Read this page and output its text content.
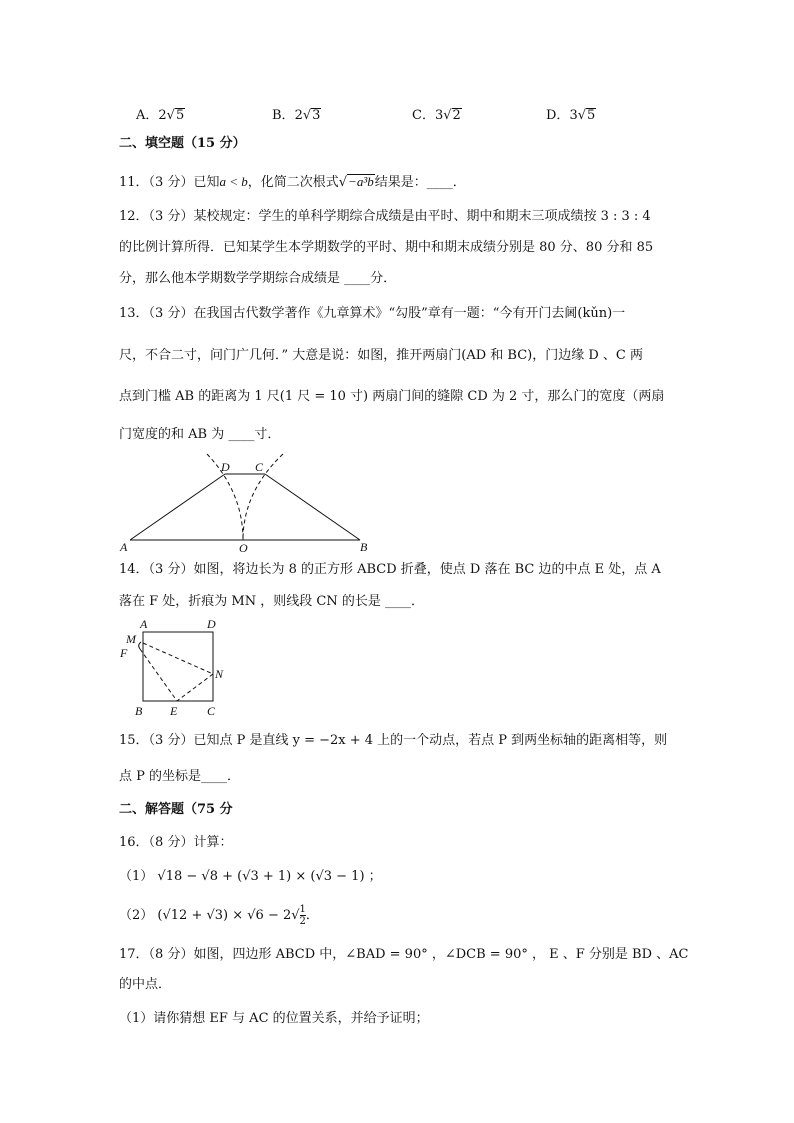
A．2√5	B．2√3	C．3√2	D．3√5
二、填空题（15 分）
11．（3 分）已知a < b，化简二次根式√−a³b结果是：____．
12．（3 分）某校规定：学生的单科学期综合成绩是由平时、期中和期末三项成绩按 3 : 3 : 4
的比例计算所得．已知某学生本学期数学的平时、期中和期末成绩分别是 80 分、80 分和 85
分，那么他本学期数学学期综合成绩是 ____分．
13．（3 分）在我国古代数学著作《九章算术》“勾股”章有一题：“今有开门去阃(kǔn)一
尺，不合二寸，问门广几何．” 大意是说：如图，推开两扇门(AD 和 BC)，门边缘 D 、C 两
点到门槛 AB 的距离为 1 尺(1 尺 = 10 寸) 两扇门间的缝隙 CD 为 2 寸，那么门的宽度（两扇
门宽度的和 AB 为 ____寸．
D C
A	O	B
14．（3 分）如图，将边长为 8 的正方形 ABCD 折叠，使点 D 落在 BC 边的中点 E 处，点 A
落在 F 处，折痕为 MN ，则线段 CN 的长是 ____．
A	D
M
F
N
B E C
15．（3 分）已知点 P 是直线 y = −2x + 4 上的一个动点，若点 P 到两坐标轴的距离相等，则
点 P 的坐标是____．
二、解答题（75 分
16．（8 分）计算：
（1） √18 − √8 + (√3 + 1) × (√3 − 1) ；
（2） $(√12 + √3) \times √6 - 2√ \frac{1}{2}$ ．
17．（8 分）如图，四边形 ABCD 中，∠BAD = 90° ，∠DCB = 90° ， E 、F 分别是 BD 、AC
的中点．
（1）请你猜想 EF 与 AC 的位置关系，并给予证明；
